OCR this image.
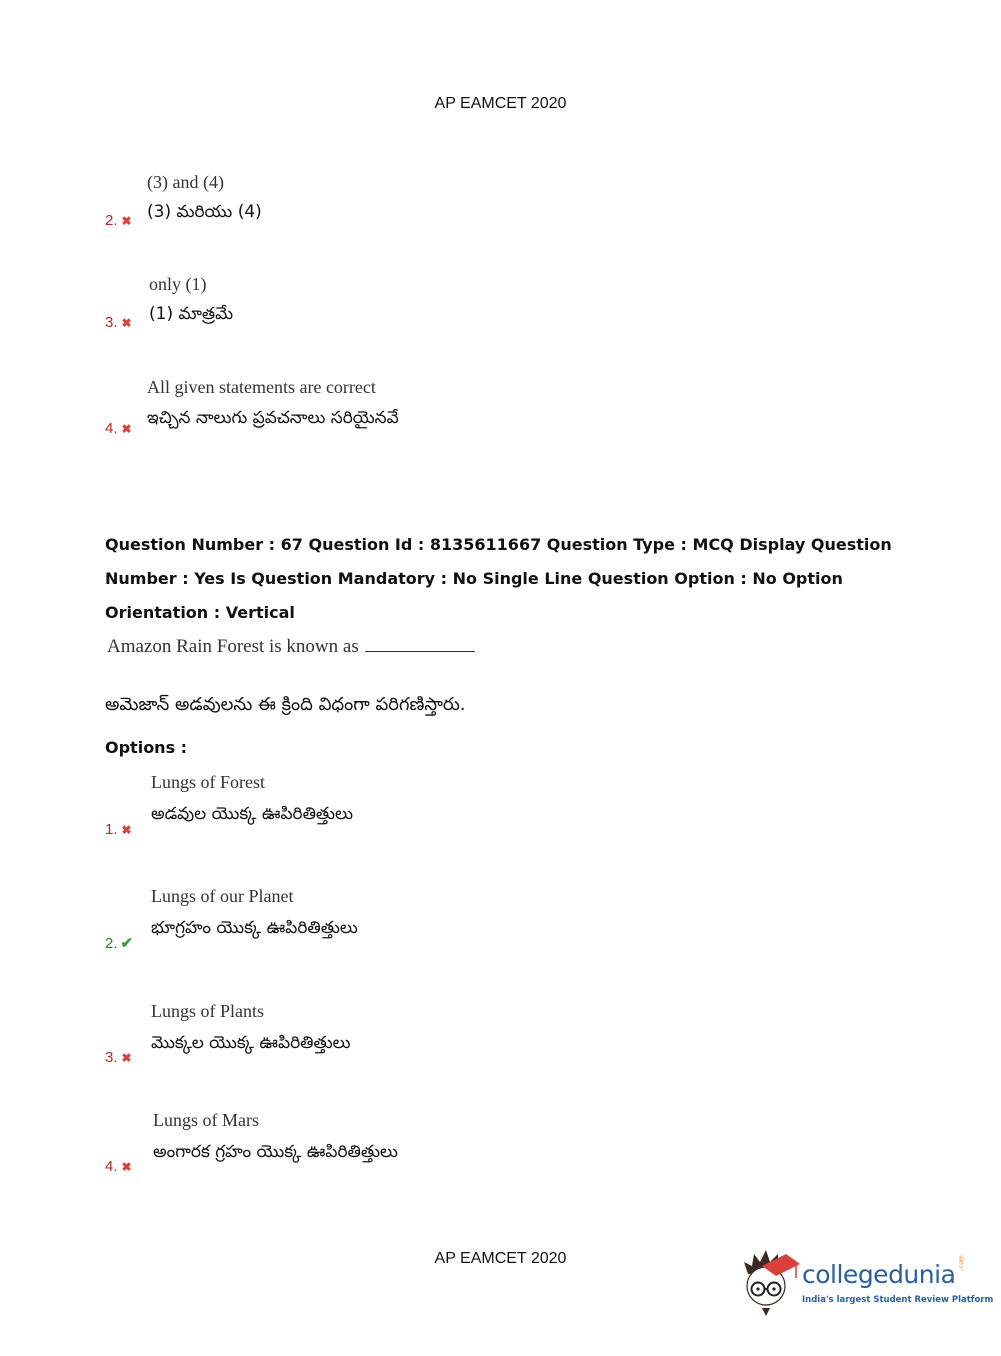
AP EAMCET 2020
2. ✖
(3) and (4)
(3) మరియు (4)
3. ✖
only (1)
(1) మాత్రమే
4. ✖
All given statements are correct
ఇచ్చిన నాలుగు ప్రవచనాలు సరియైనవే
Question Number : 67 Question Id : 8135611667 Question Type : MCQ Display Question Number : Yes Is Question Mandatory : No Single Line Question Option : No Option Orientation : Vertical
Amazon Rain Forest is known as
అమెజాన్ అడవులను ఈ క్రింది విధంగా పరిగణిస్తారు.
Options :
1. ✖
Lungs of Forest
అడవుల యొక్క ఊపిరితిత్తులు
2. ✔
Lungs of our Planet
భూగ్రహం యొక్క ఊపిరితిత్తులు
3. ✖
Lungs of Plants
మొక్కల యొక్క ఊపిరితిత్తులు
4. ✖
Lungs of Mars
అంగారక గ్రహం యొక్క ఊపిరితిత్తులు
AP EAMCET 2020
collegedunia .com
India's largest Student Review Platform
